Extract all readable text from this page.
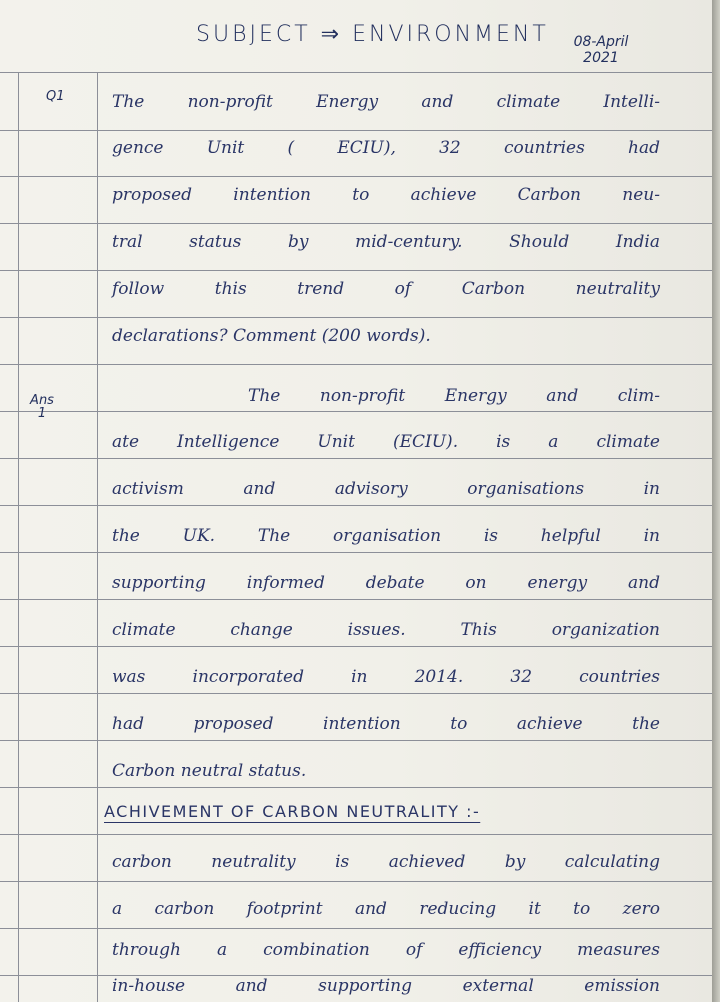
SUBJECT ⇒ ENVIRONMENT	08-April
2021
Q1
Ans
1
The non-profit Energy and climate Intelli-
gence Unit ( ECIU), 32 countries had
proposed intention to achieve Carbon neu-
tral status by mid-century. Should India
follow this trend of Carbon neutrality
declarations? Comment (200 words).
The non-profit Energy and clim-
ate Intelligence Unit (ECIU). is a climate
activism and advisory organisations in
the UK. The organisation is helpful in
supporting informed debate on energy and
climate change issues. This organization
was incorporated in 2014. 32 countries
had proposed intention to achieve the
Carbon neutral status.
ACHIVEMENT OF CARBON NEUTRALITY :-
carbon neutrality is achieved by calculating
a carbon footprint and reducing it to zero
through a combination of efficiency measures
in-house and supporting external emission
